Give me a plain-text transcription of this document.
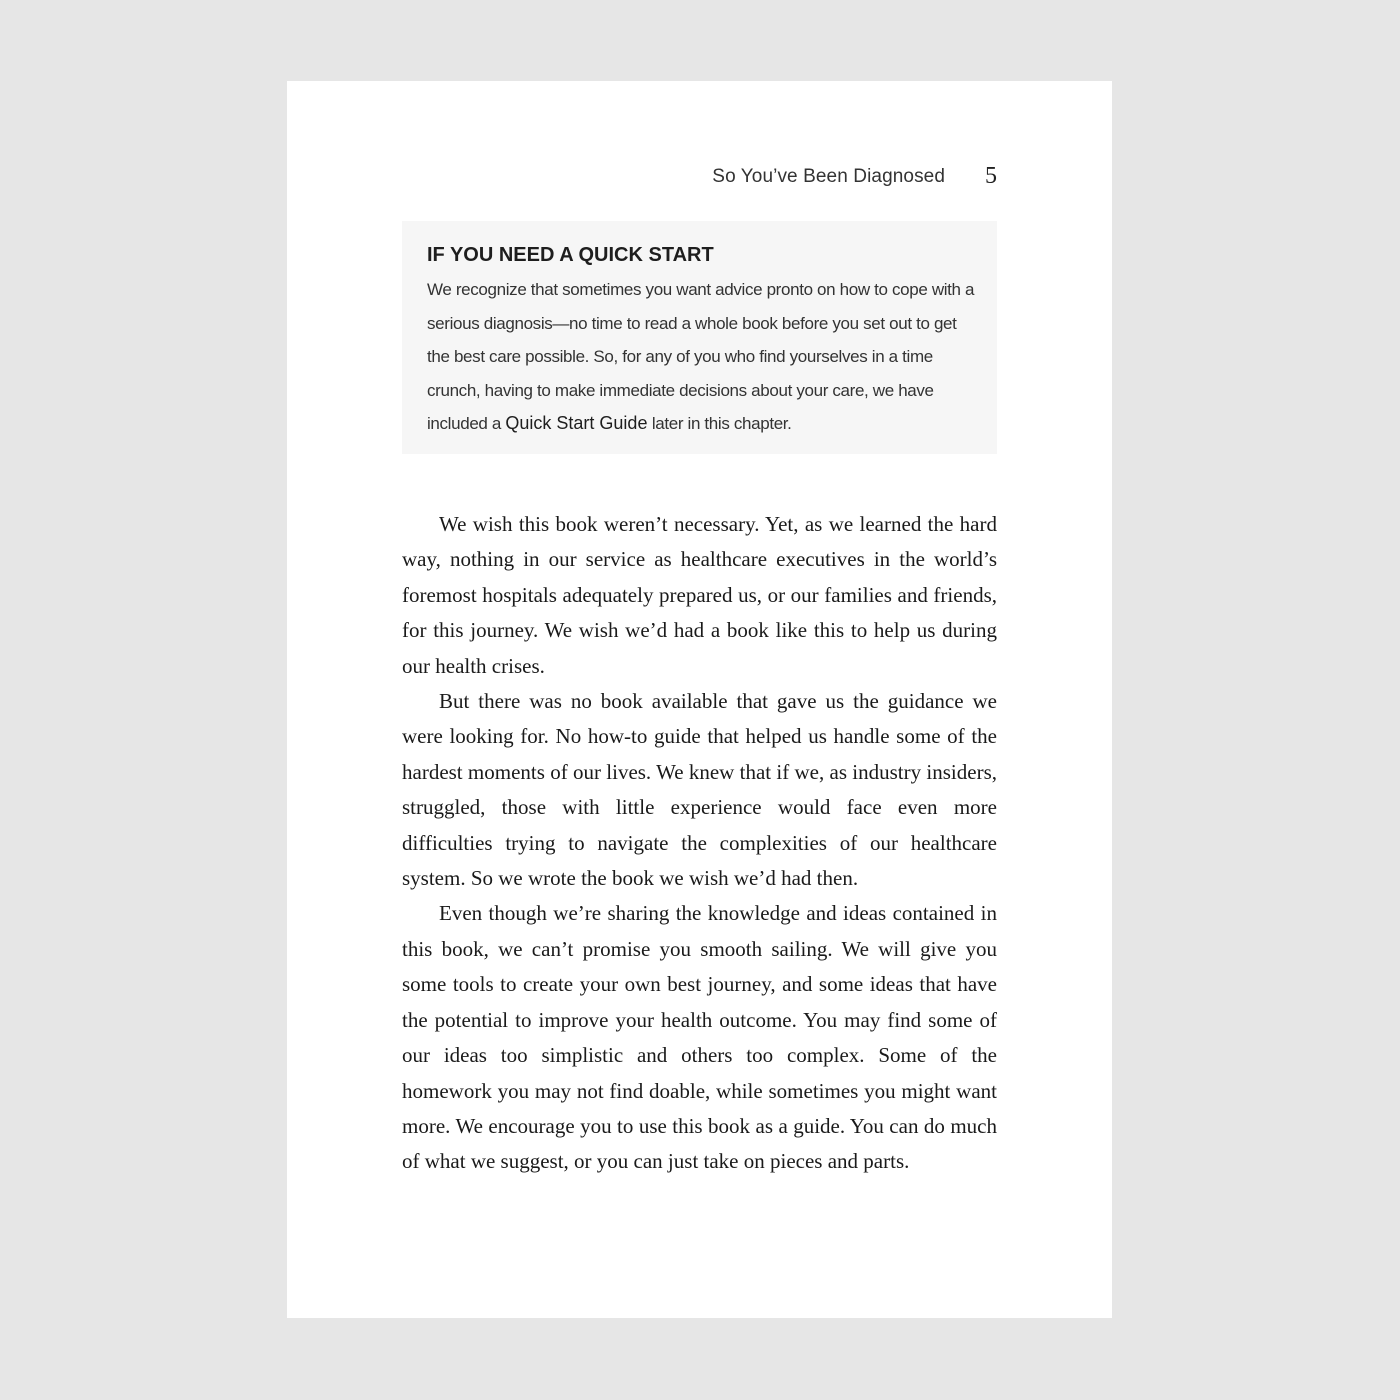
So You’ve Been Diagnosed 5
IF YOU NEED A QUICK START

We recognize that sometimes you want advice pronto on how to cope with a serious diagnosis—no time to read a whole book before you set out to get the best care possible. So, for any of you who find yourselves in a time crunch, having to make immediate decisions about your care, we have included a Quick Start Guide later in this chapter.

We wish this book weren’t necessary. Yet, as we learned the hard way, nothing in our service as healthcare executives in the world’s foremost hospitals adequately prepared us, or our families and friends, for this journey. We wish we’d had a book like this to help us during our health crises.

But there was no book available that gave us the guidance we were looking for. No how-to guide that helped us handle some of the hardest moments of our lives. We knew that if we, as industry insiders, struggled, those with little experience would face even more difficulties trying to navigate the complexities of our healthcare system. So we wrote the book we wish we’d had then.

Even though we’re sharing the knowledge and ideas contained in this book, we can’t promise you smooth sailing. We will give you some tools to create your own best journey, and some ideas that have the potential to improve your health outcome. You may find some of our ideas too simplistic and others too complex. Some of the homework you may not find doable, while sometimes you might want more. We encourage you to use this book as a guide. You can do much of what we suggest, or you can just take on pieces and parts.
